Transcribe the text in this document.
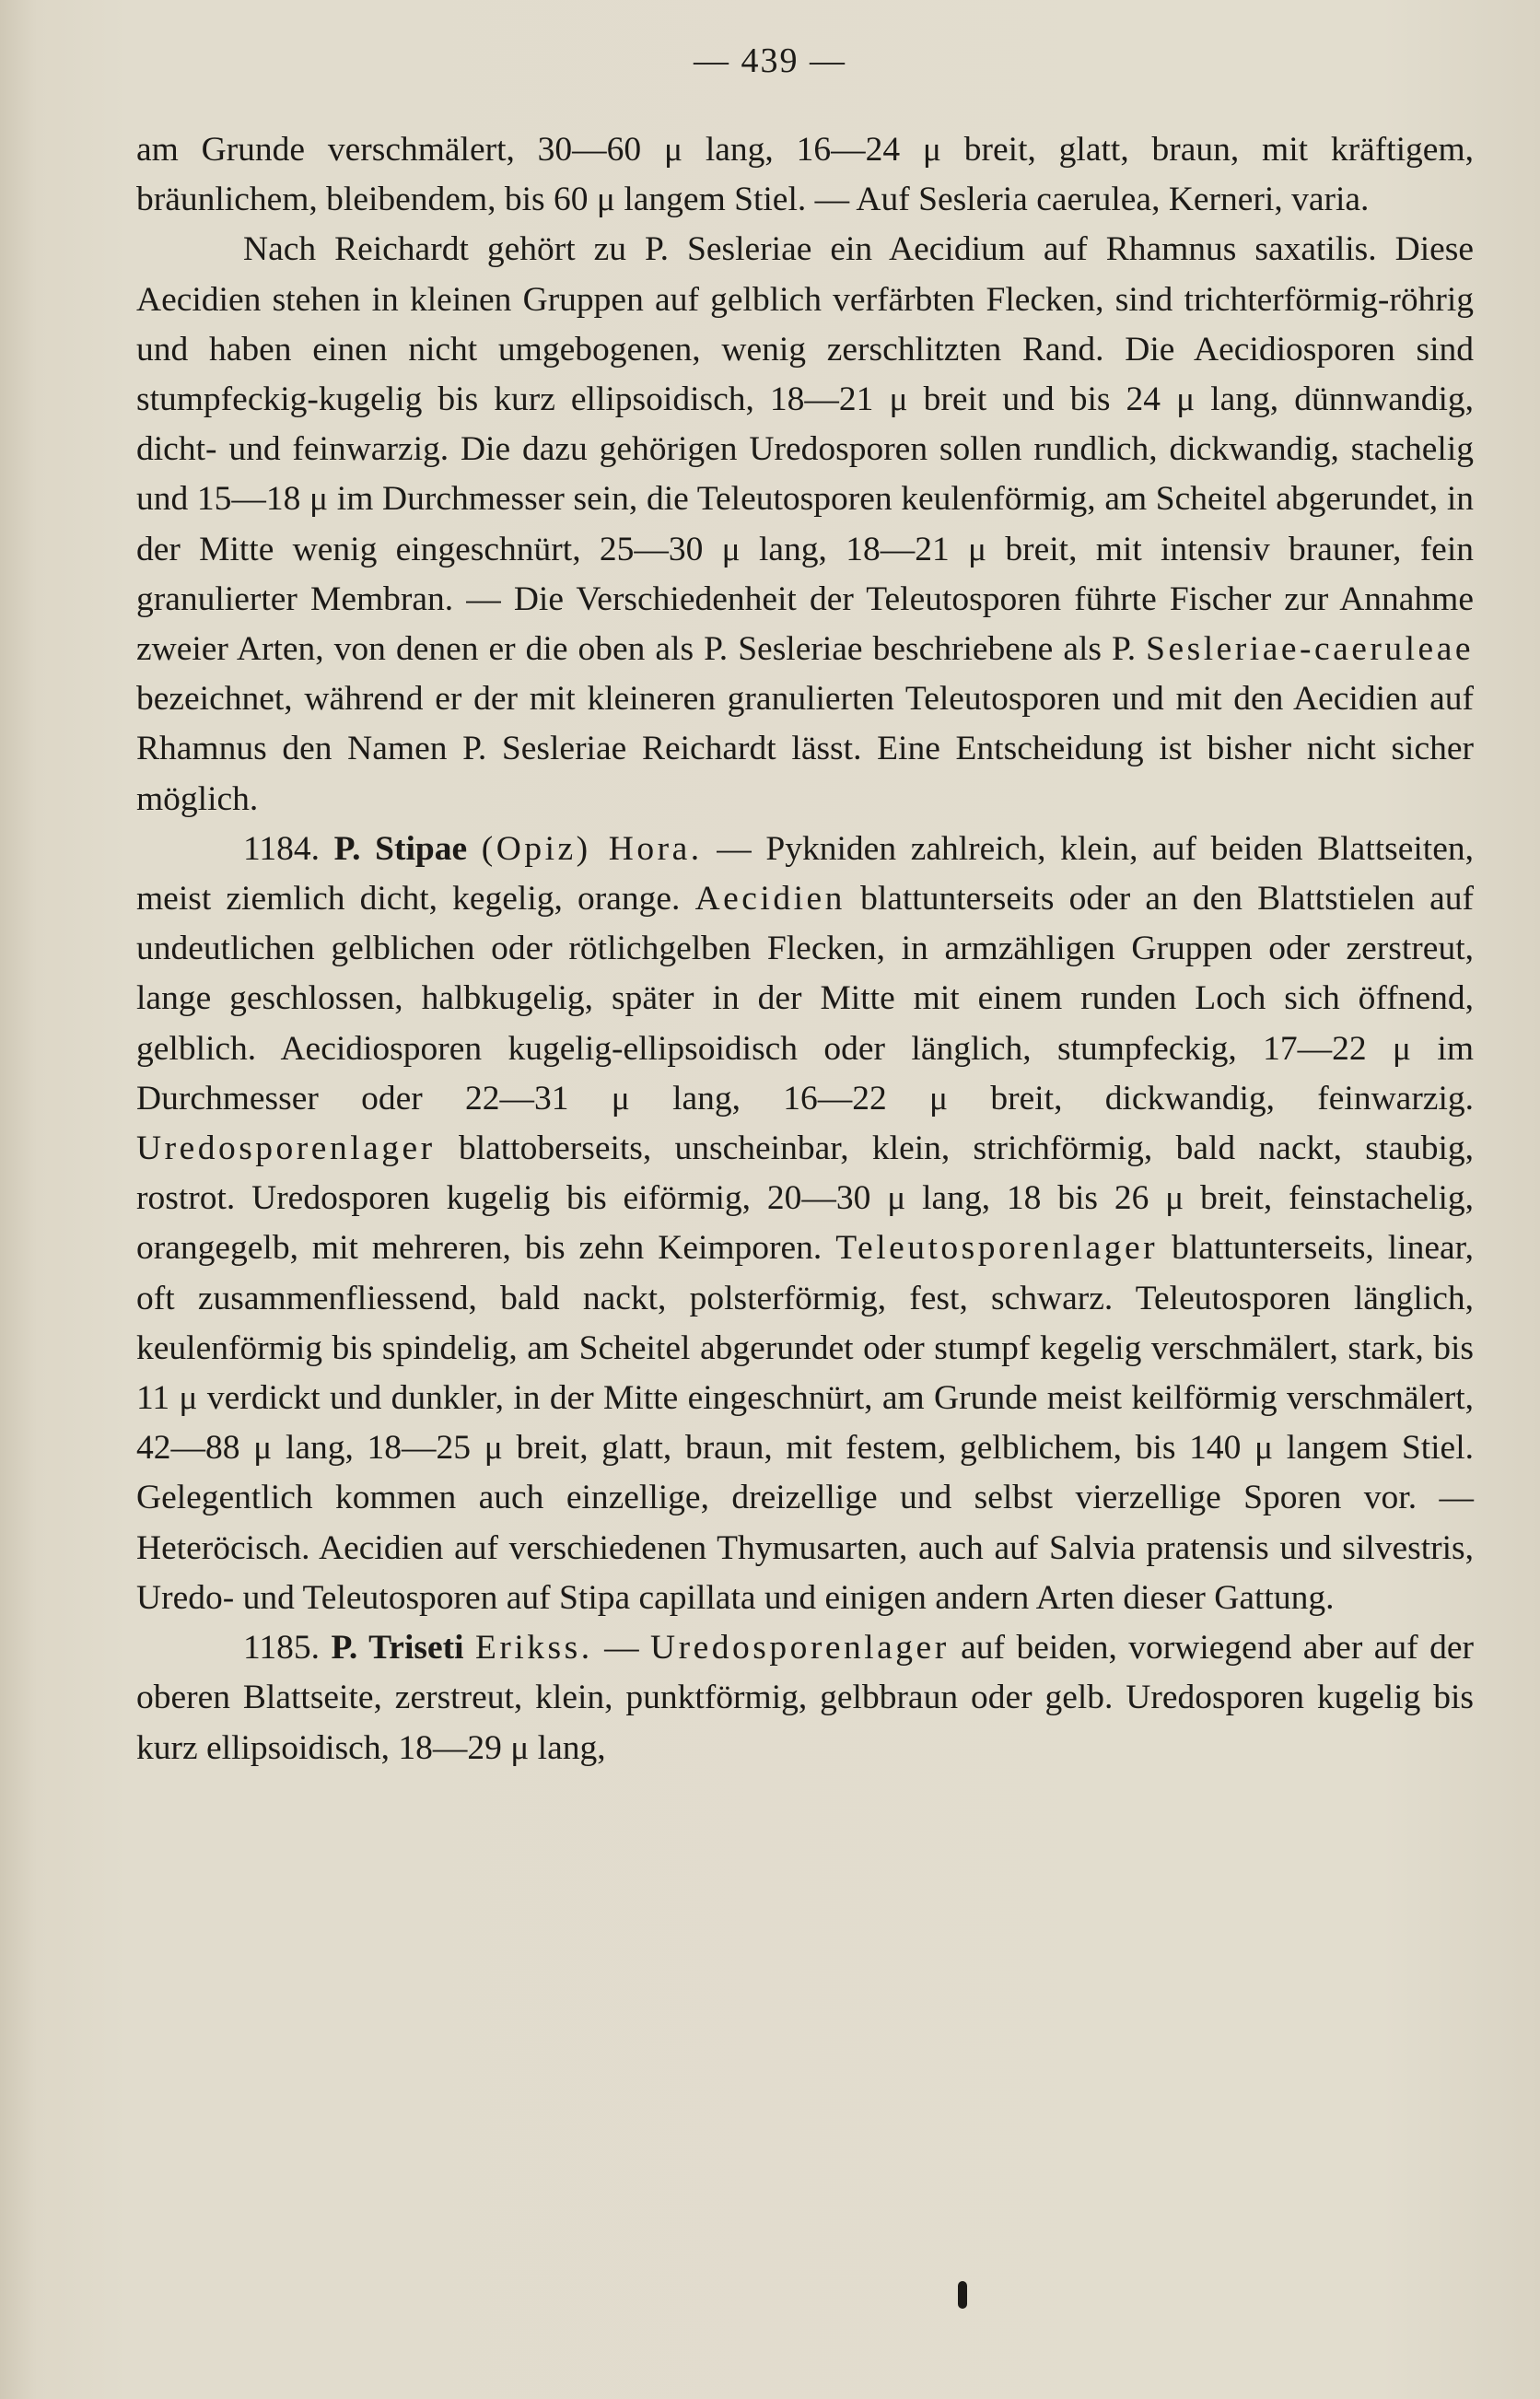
— 439 —

am Grunde verschmälert, 30—60 μ lang, 16—24 μ breit, glatt, braun, mit kräftigem, bräunlichem, bleibendem, bis 60 μ langem Stiel. — Auf Sesleria caerulea, Kerneri, varia.

Nach Reichardt gehört zu P. Sesleriae ein Aecidium auf Rhamnus saxatilis. Diese Aecidien stehen in kleinen Gruppen auf gelblich verfärbten Flecken, sind trichterförmig-röhrig und haben einen nicht umgebogenen, wenig zerschlitzten Rand. Die Aecidiosporen sind stumpfeckig-kugelig bis kurz ellipsoidisch, 18—21 μ breit und bis 24 μ lang, dünnwandig, dicht- und feinwarzig. Die dazu gehörigen Uredosporen sollen rundlich, dickwandig, stachelig und 15—18 μ im Durchmesser sein, die Teleutosporen keulenförmig, am Scheitel abgerundet, in der Mitte wenig eingeschnürt, 25—30 μ lang, 18—21 μ breit, mit intensiv brauner, fein granulierter Membran. — Die Verschiedenheit der Teleutosporen führte Fischer zur Annahme zweier Arten, von denen er die oben als P. Sesleriae beschriebene als P. Sesleriae-caeruleae bezeichnet, während er der mit kleineren granulierten Teleutosporen und mit den Aecidien auf Rhamnus den Namen P. Sesleriae Reichardt lässt. Eine Entscheidung ist bisher nicht sicher möglich.

1184. P. Stipae (Opiz) Hora. — Pykniden zahlreich, klein, auf beiden Blattseiten, meist ziemlich dicht, kegelig, orange. Aecidien blattunterseits oder an den Blattstielen auf undeutlichen gelblichen oder rötlichgelben Flecken, in armzähligen Gruppen oder zerstreut, lange geschlossen, halbkugelig, später in der Mitte mit einem runden Loch sich öffnend, gelblich. Aecidiosporen kugelig-ellipsoidisch oder länglich, stumpfeckig, 17—22 μ im Durchmesser oder 22—31 μ lang, 16—22 μ breit, dickwandig, feinwarzig. Uredosporenlager blattoberseits, unscheinbar, klein, strichförmig, bald nackt, staubig, rostrot. Uredosporen kugelig bis eiförmig, 20—30 μ lang, 18 bis 26 μ breit, feinstachelig, orangegelb, mit mehreren, bis zehn Keimporen. Teleutosporenlager blattunterseits, linear, oft zusammenfliessend, bald nackt, polsterförmig, fest, schwarz. Teleutosporen länglich, keulenförmig bis spindelig, am Scheitel abgerundet oder stumpf kegelig verschmälert, stark, bis 11 μ verdickt und dunkler, in der Mitte eingeschnürt, am Grunde meist keilförmig verschmälert, 42—88 μ lang, 18—25 μ breit, glatt, braun, mit festem, gelblichem, bis 140 μ langem Stiel. Gelegentlich kommen auch einzellige, dreizellige und selbst vierzellige Sporen vor. — Heteröcisch. Aecidien auf verschiedenen Thymusarten, auch auf Salvia pratensis und silvestris, Uredo- und Teleutosporen auf Stipa capillata und einigen andern Arten dieser Gattung.

1185. P. Triseti Erikss. — Uredosporenlager auf beiden, vorwiegend aber auf der oberen Blattseite, zerstreut, klein, punktförmig, gelbbraun oder gelb. Uredosporen kugelig bis kurz ellipsoidisch, 18—29 μ lang,
